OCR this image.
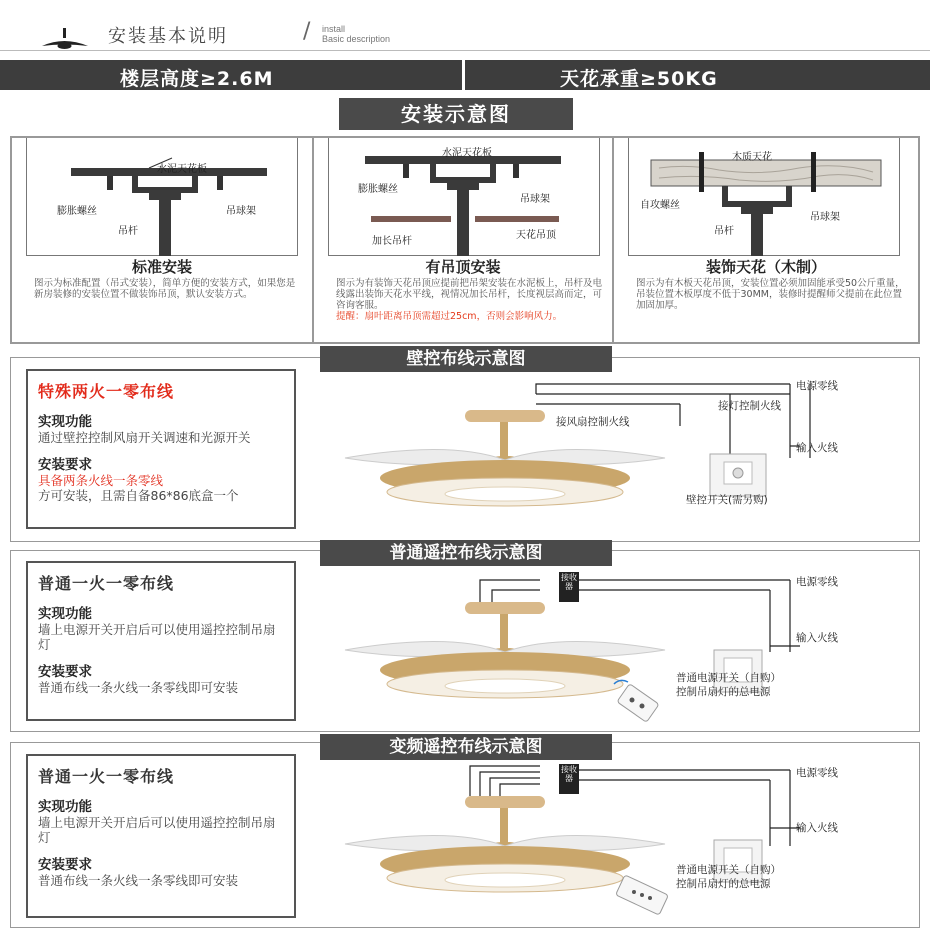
安装基本说明	/ install
Basic description
楼层高度≥2.6M	天花承重≥50KG
安装示意图
水泥天花板
膨胀螺丝	吊球架
吊杆
标准安装
图示为标准配置（吊式安装），简单方便的安装方式，如果您是新房装修的安装位置不做装饰吊顶，默认安装方式。
水泥天花板
膨胀螺丝
吊球架
加长吊杆
天花吊顶
有吊顶安装
图示为有装饰天花吊顶应提前把吊架安装在水泥板上，吊杆及电线露出装饰天花水平线，视情况加长吊杆，长度视层高而定，可咨询客服。
提醒：扇叶距离吊顶需超过25cm，否则会影响风力。
木质天花
自攻螺丝
吊球架
吊杆
装饰天花（木制）
图示为有木板天花吊顶，安装位置必须加固能承受50公斤重量，吊装位置木板厚度不低于30MM，装修时提醒师父提前在此位置加固加厚。
壁控布线示意图
特殊两火一零布线
实现功能
通过壁控控制风扇开关调速和光源开关
安装要求
具备两条火线一条零线
方可安装，且需自备86*86底盒一个
电源零线
接灯控制火线
接风扇控制火线
输入火线
壁控开关(需另购)
普通遥控布线示意图
普通一火一零布线
实现功能
墙上电源开关开启后可以使用遥控控制吊扇灯
安装要求
普通布线一条火线一条零线即可安装
接收器	电源零线
输入火线
普通电源开关（自购）
控制吊扇灯的总电源
变频遥控布线示意图
普通一火一零布线
实现功能
墙上电源开关开启后可以使用遥控控制吊扇灯
安装要求
普通布线一条火线一条零线即可安装
接收器	电源零线
输入火线
普通电源开关（自购）
控制吊扇灯的总电源
